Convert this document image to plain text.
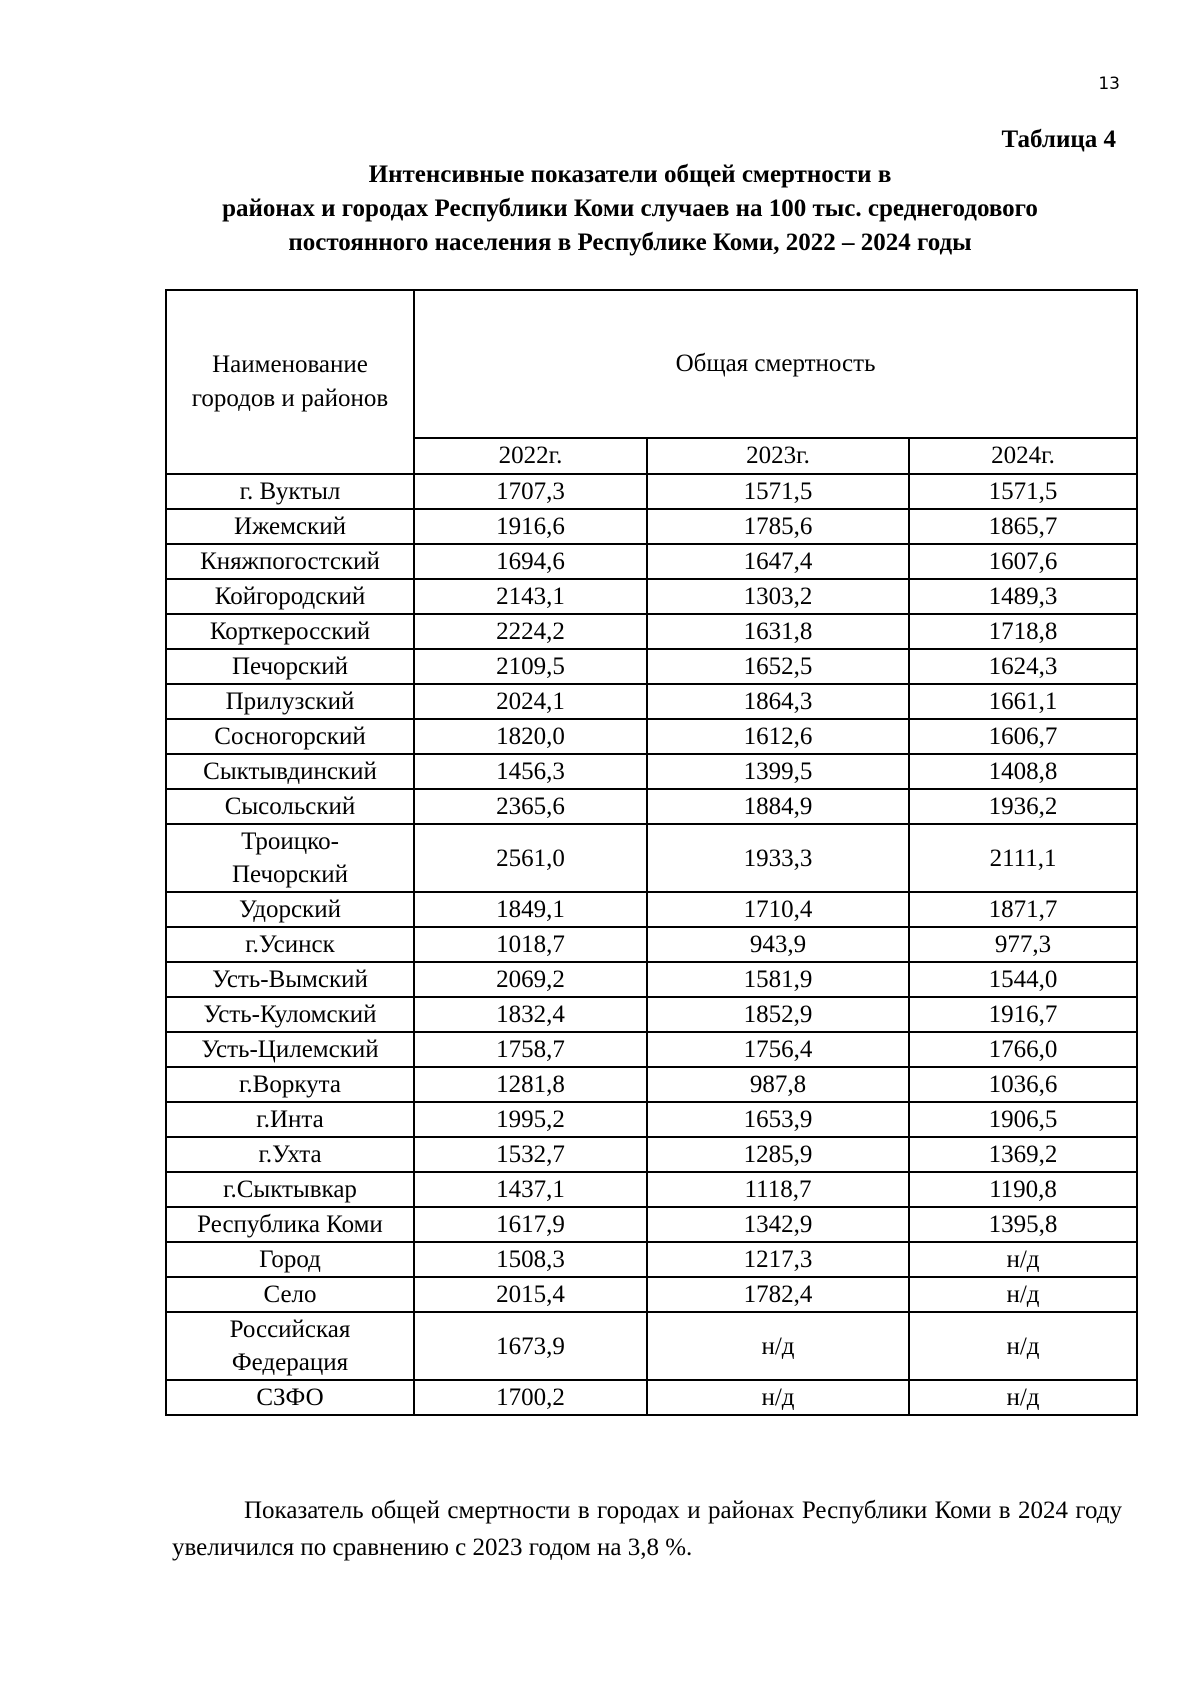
13
Таблица 4
Интенсивные показатели общей смертности в
районах и городах Республики Коми случаев на 100 тыс. среднегодового
постоянного населения в Республике Коми, 2022 – 2024 годы
Наименование
городов и районов	Общая смертность		
	2022г.	2023г.	2024г.
г. Вуктыл	1707,3	1571,5	1571,5
Ижемский	1916,6	1785,6	1865,7
Княжпогостский	1694,6	1647,4	1607,6
Койгородский	2143,1	1303,2	1489,3
Корткеросский	2224,2	1631,8	1718,8
Печорский	2109,5	1652,5	1624,3
Прилузский	2024,1	1864,3	1661,1
Сосногорский	1820,0	1612,6	1606,7
Сыктывдинский	1456,3	1399,5	1408,8
Сысольский	2365,6	1884,9	1936,2

Троицко-
Печорский	2561,0	1933,3	2111,1
Удорский	1849,1	1710,4	1871,7
г.Усинск	1018,7	943,9	977,3
Усть-Вымский	2069,2	1581,9	1544,0
Усть-Куломский	1832,4	1852,9	1916,7
Усть-Цилемский	1758,7	1756,4	1766,0
г.Воркута	1281,8	987,8	1036,6
г.Инта	1995,2	1653,9	1906,5
г.Ухта	1532,7	1285,9	1369,2
г.Сыктывкар	1437,1	1118,7	1190,8
Республика Коми	1617,9	1342,9	1395,8
Город	1508,3	1217,3	н/д
Село	2015,4	1782,4	н/д

Российская
Федерация	1673,9	н/д	н/д
СЗФО	1700,2	н/д	н/д
Показатель общей смертности в городах и районах Республики Коми в 2024 году увеличился по сравнению с 2023 годом на 3,8 %.
